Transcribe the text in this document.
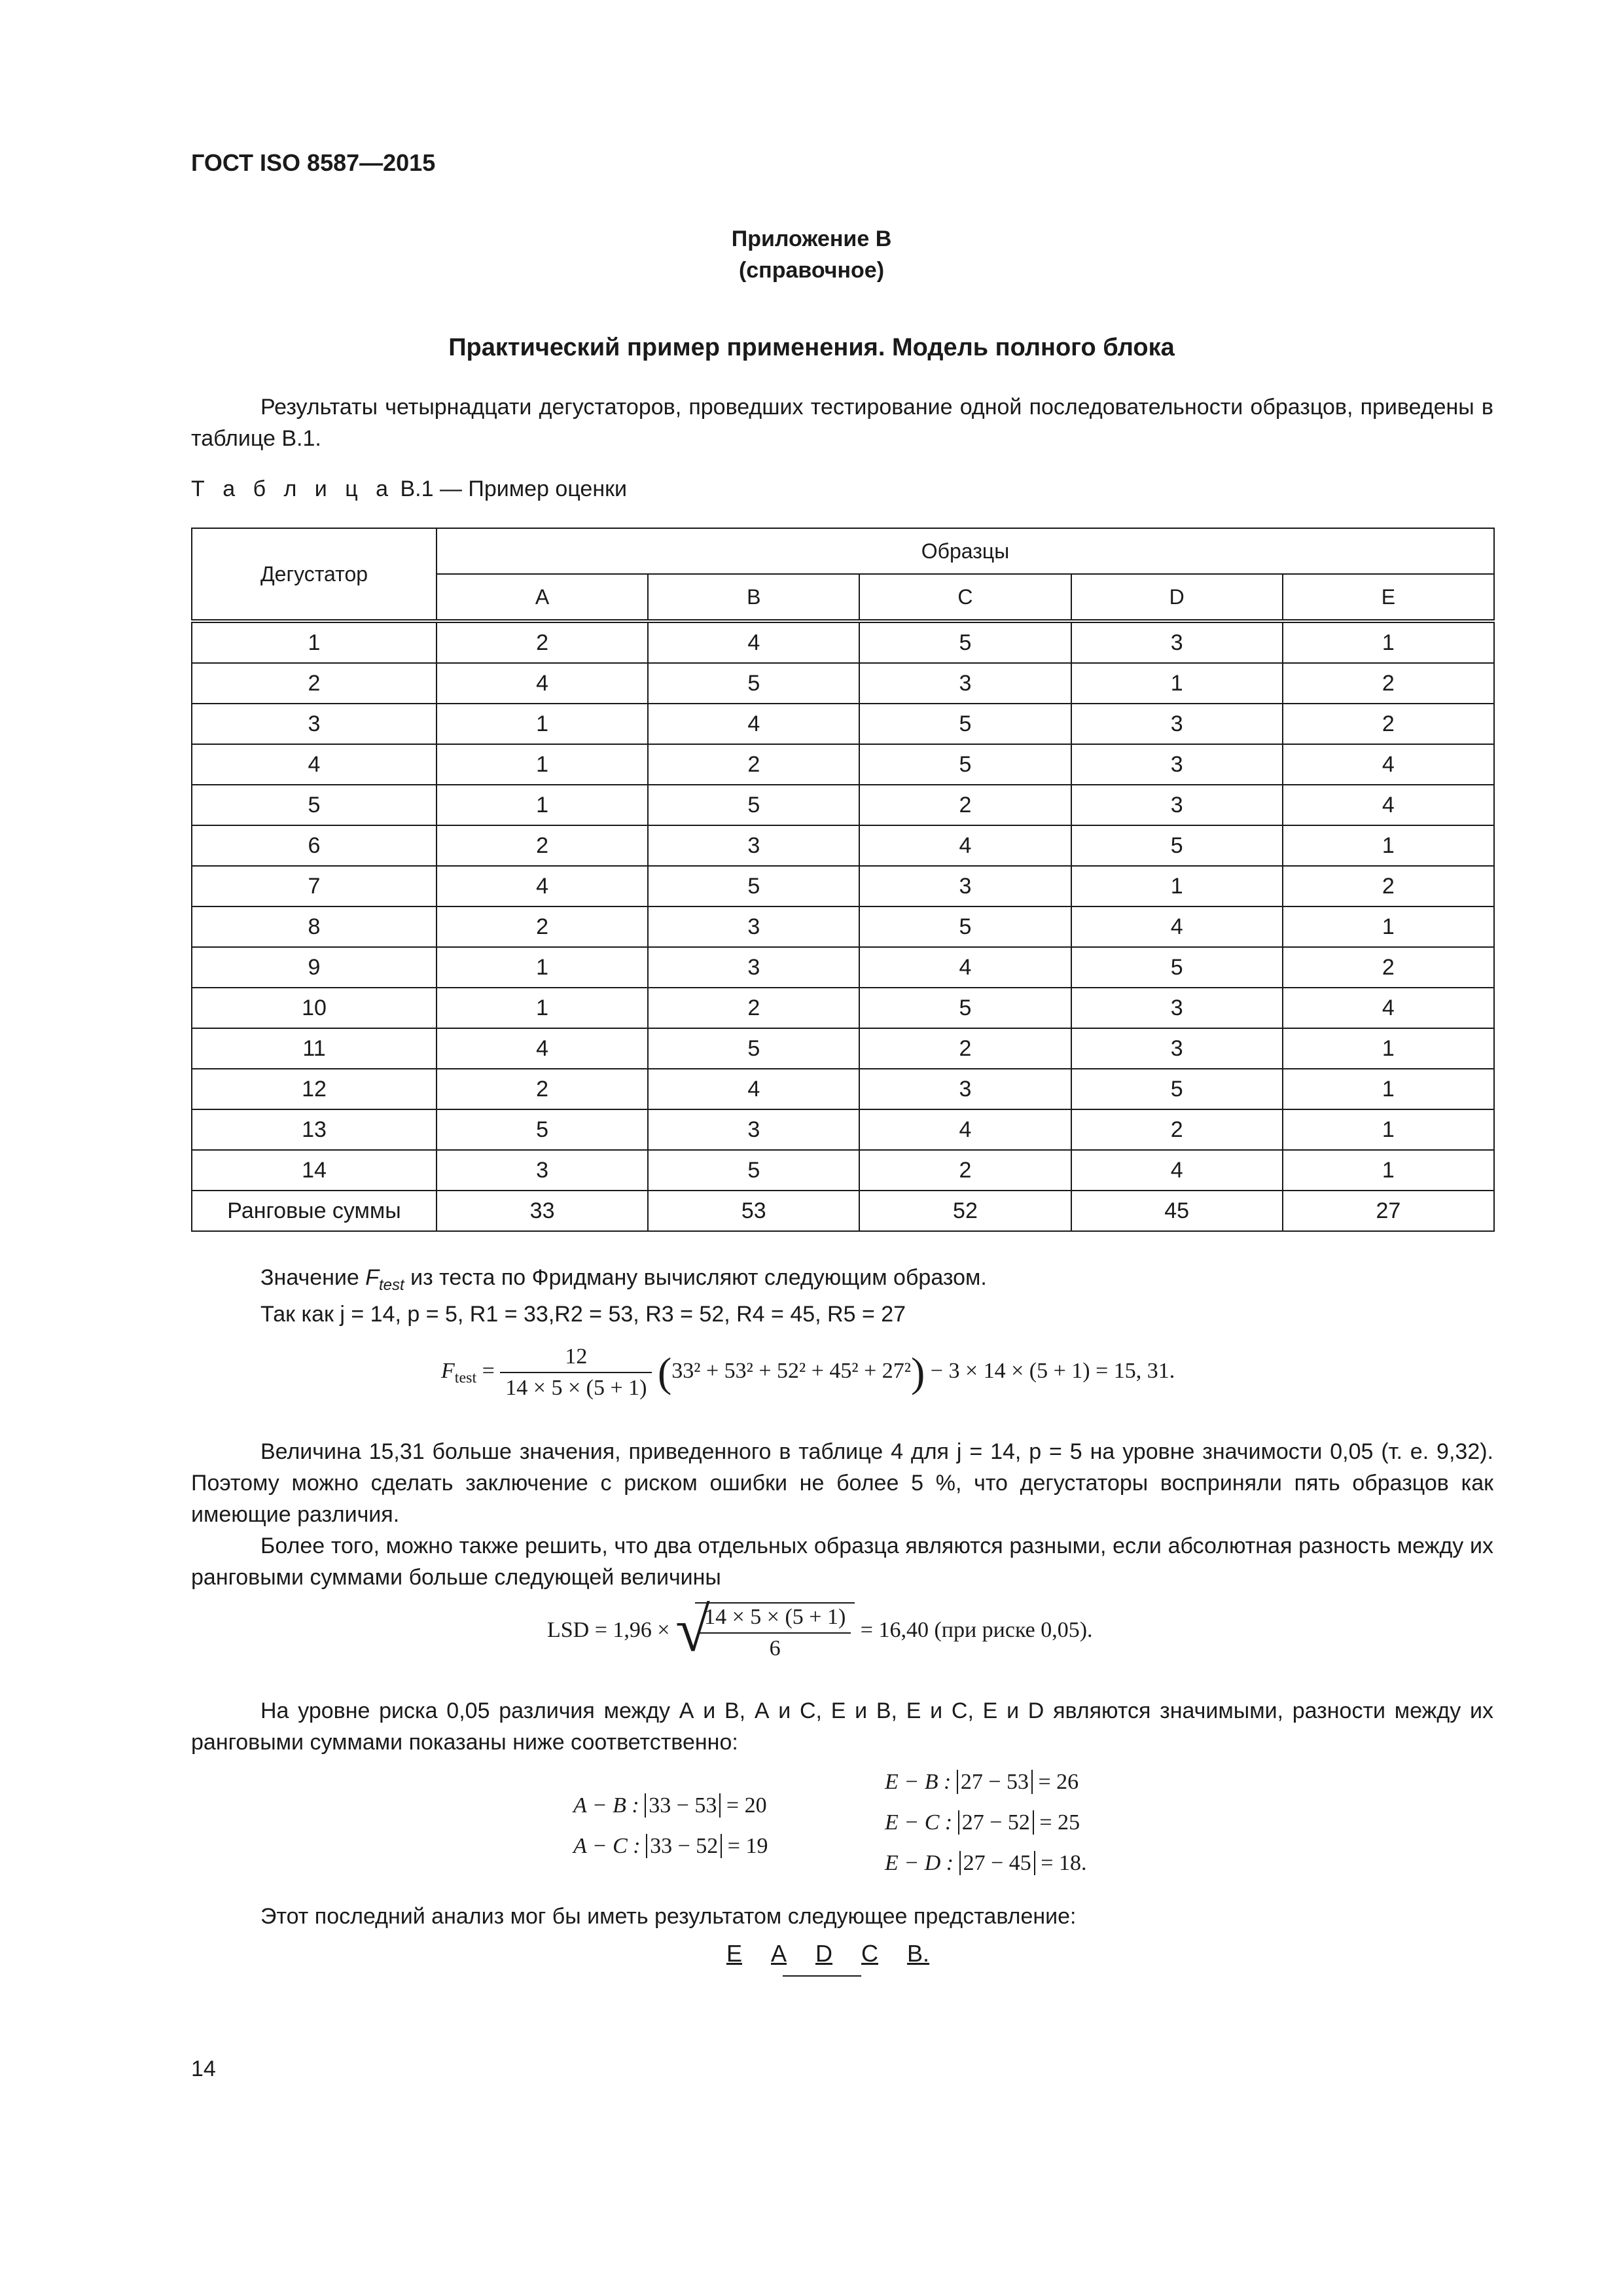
ГОСТ ISO 8587—2015
Приложение В
(справочное)
Практический пример применения. Модель полного блока
Результаты четырнадцати дегустаторов, проведших тестирование одной последовательности образцов, приведены в таблице В.1.
Т а б л и ц а В.1 — Пример оценки
Дегустатор	Образцы				
	А	В	С	D	Е
1	2	4	5	3	1
2	4	5	3	1	2
3	1	4	5	3	2
4	1	2	5	3	4
5	1	5	2	3	4
6	2	3	4	5	1
7	4	5	3	1	2
8	2	3	5	4	1
9	1	3	4	5	2
10	1	2	5	3	4
11	4	5	2	3	1
12	2	4	3	5	1
13	5	3	4	2	1
14	3	5	2	4	1
Ранговые суммы	33	53	52	45	27
Значение $F_{test}$ из теста по Фридману вычисляют следующим образом.
Так как j = 14, p = 5, R1 = 33,R2 = 53, R3 = 52, R4 = 45, R5 = 27
$F_{test} = \frac{12}{14 \times 5 \times (5 + 1)} (33^2 + 53^2 + 52^2 + 45^2 + 27^2) - 3 \times 14 \times (5 + 1) = 15$, 31.
Величина 15,31 больше значения, приведенного в таблице 4 для j = 14, p = 5 на уровне значимости 0,05 (т. е. 9,32). Поэтому можно сделать заключение с риском ошибки не более 5 %, что дегустаторы восприняли пять образцов как имеющие различия.
Более того, можно также решить, что два отдельных образца являются разными, если абсолютная разность между их ранговыми суммами больше следующей величины
LSD = 1,96 × √
$\frac{14 \times 5 \times (5 + 1)}{6} = 16,40$ (при риске 0,05).
На уровне риска 0,05 различия между А и В, А и С, Е и В, Е и С, Е и D являются значимыми, разности между их ранговыми суммами показаны ниже соответственно:
A − B : 33 − 53 = 20
A − C : 33 − 52 = 19
E − B : 27 − 53 = 26
E − C : 27 − 52 = 25
E − D : 27 − 45 = 18.
Этот последний анализ мог бы иметь результатом следующее представление:
Е А D С В.
14
